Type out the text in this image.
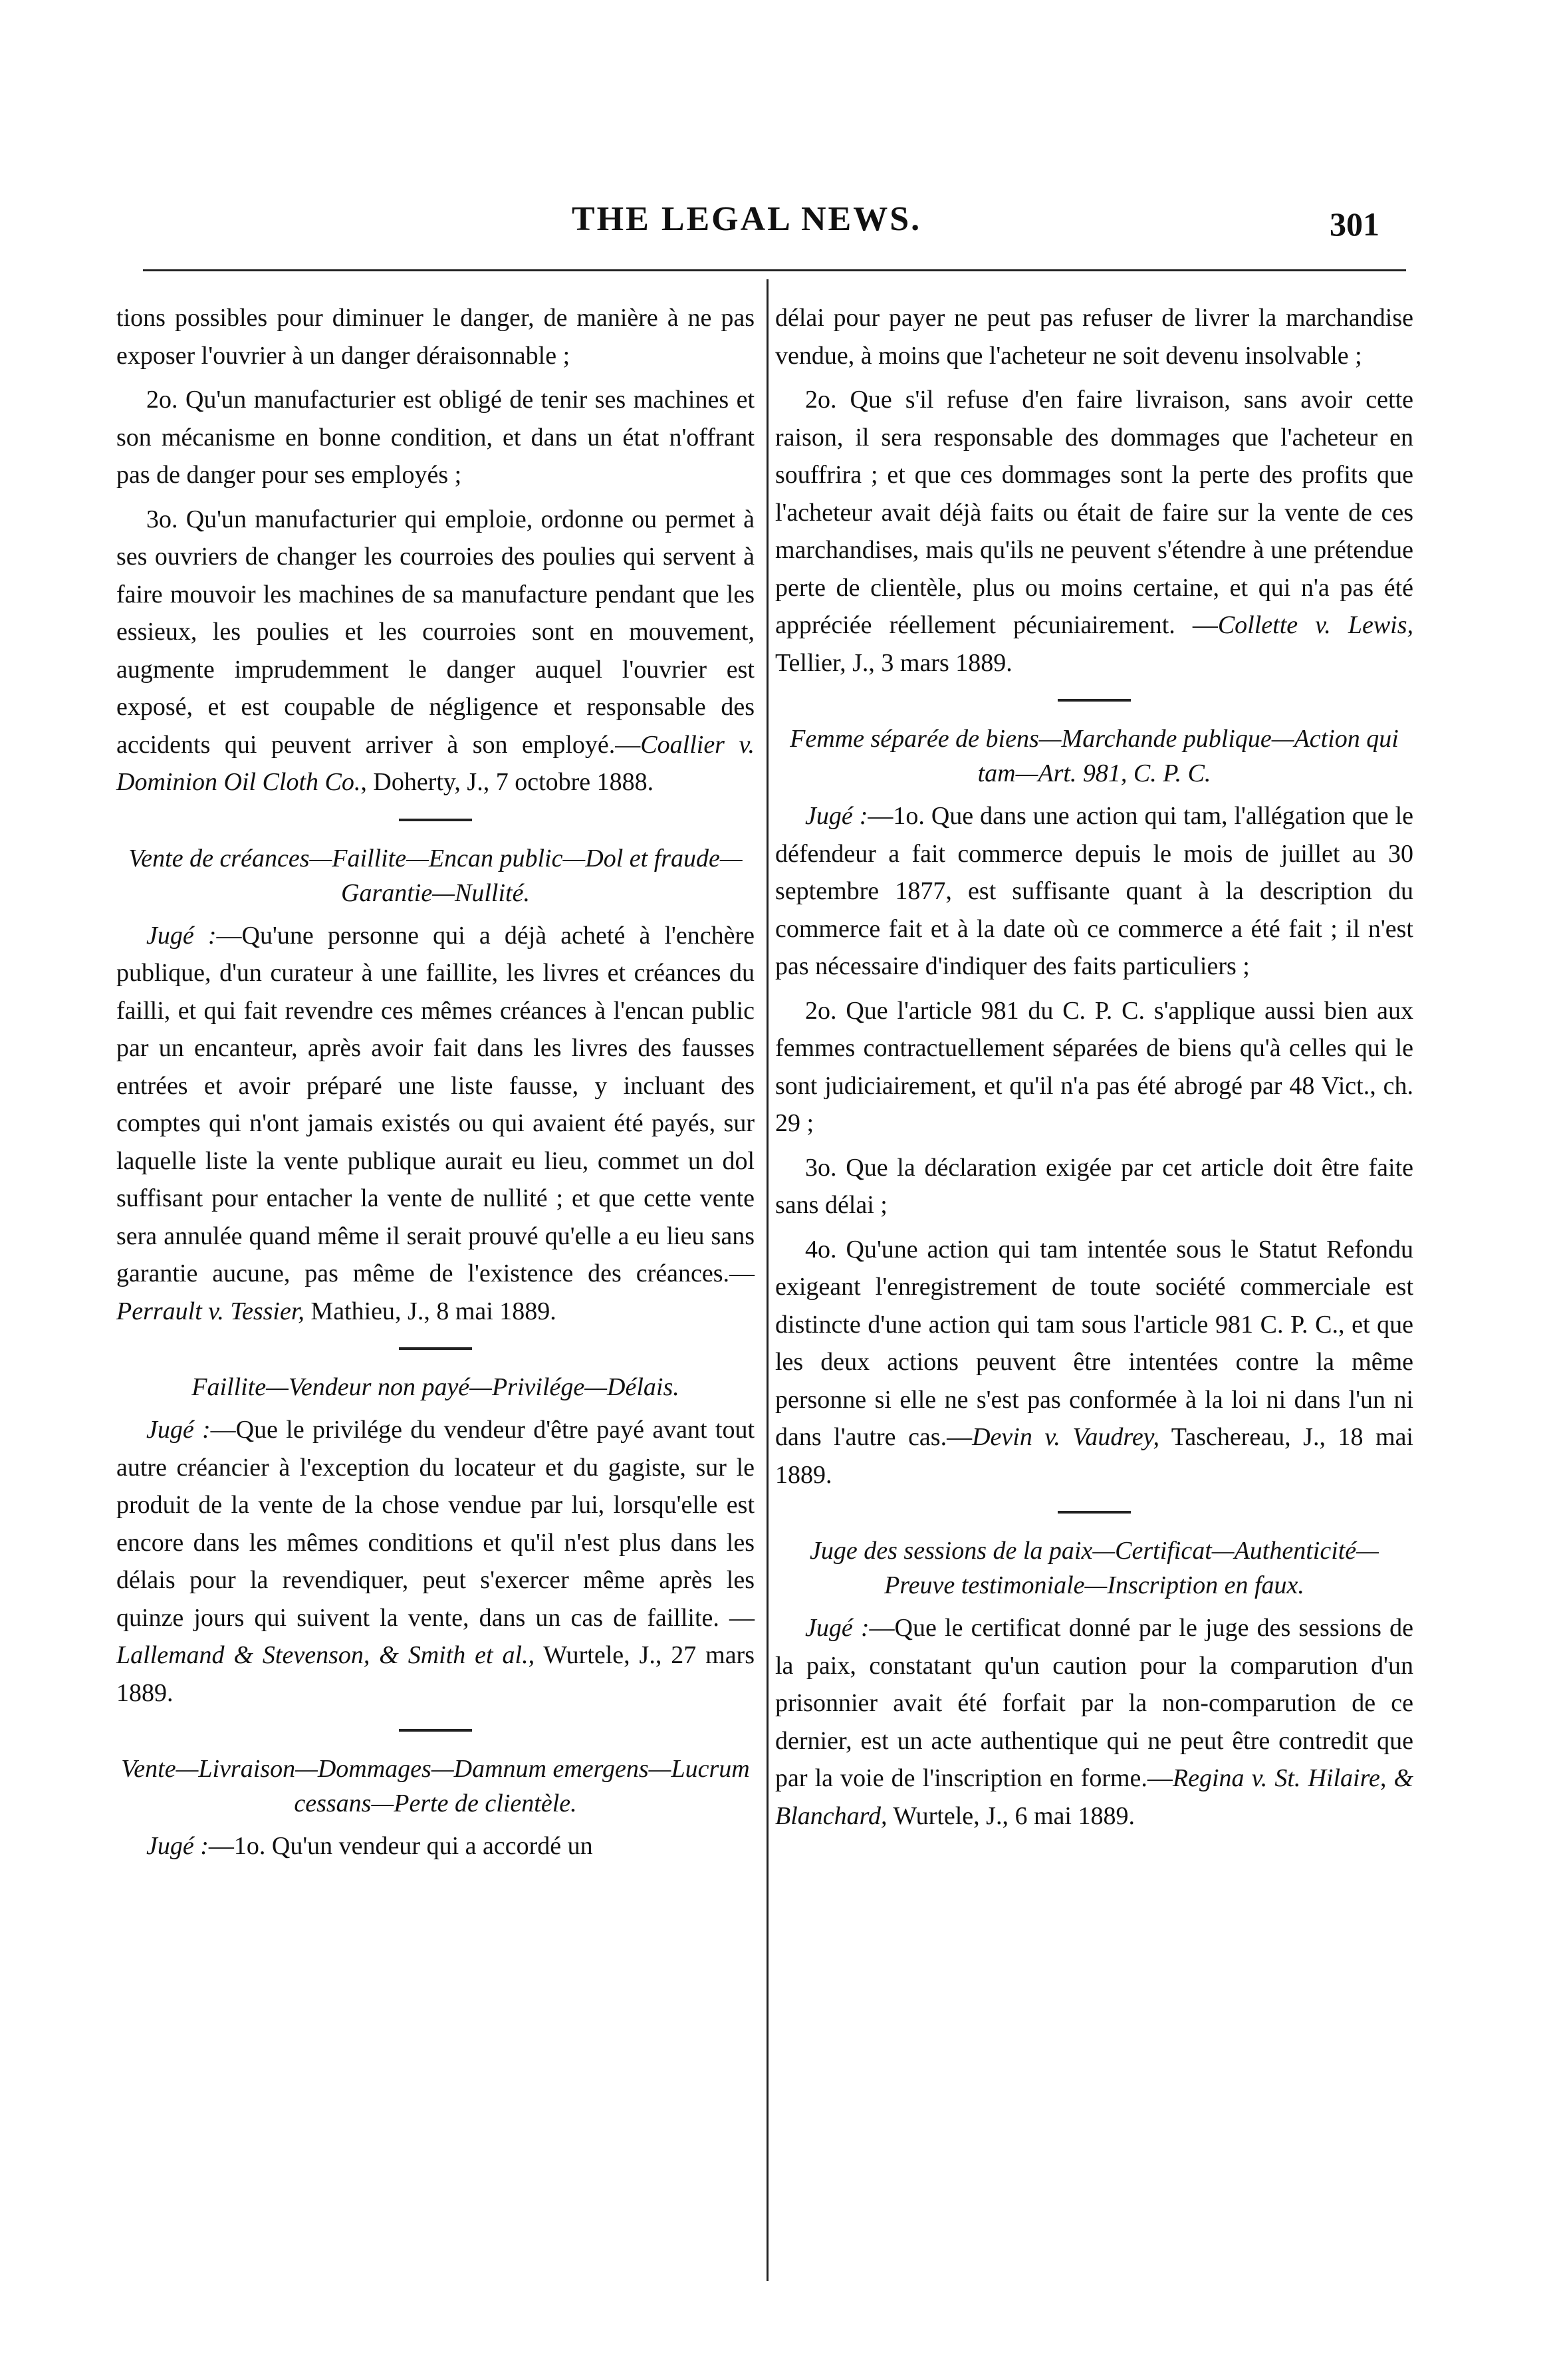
THE LEGAL NEWS.	301

tions possibles pour diminuer le danger, de manière à ne pas exposer l'ouvrier à un danger déraisonnable ;

2o. Qu'un manufacturier est obligé de tenir ses machines et son mécanisme en bonne condition, et dans un état n'offrant pas de danger pour ses employés ;

3o. Qu'un manufacturier qui emploie, ordonne ou permet à ses ouvriers de changer les courroies des poulies qui servent à faire mouvoir les machines de sa manufacture pendant que les essieux, les poulies et les courroies sont en mouvement, augmente imprudemment le danger auquel l'ouvrier est exposé, et est coupable de négligence et responsable des accidents qui peuvent arriver à son employé.—Coallier v. Dominion Oil Cloth Co., Doherty, J., 7 octobre 1888.

Vente de créances—Faillite—Encan public—Dol et fraude—Garantie—Nullité.

Jugé :—Qu'une personne qui a déjà acheté à l'enchère publique, d'un curateur à une faillite, les livres et créances du failli, et qui fait revendre ces mêmes créances à l'encan public par un encanteur, après avoir fait dans les livres des fausses entrées et avoir préparé une liste fausse, y incluant des comptes qui n'ont jamais existés ou qui avaient été payés, sur laquelle liste la vente publique aurait eu lieu, commet un dol suffisant pour entacher la vente de nullité ; et que cette vente sera annulée quand même il serait prouvé qu'elle a eu lieu sans garantie aucune, pas même de l'existence des créances.—Perrault v. Tessier, Mathieu, J., 8 mai 1889.

Faillite—Vendeur non payé—Privilége—Délais.

Jugé :—Que le privilége du vendeur d'être payé avant tout autre créancier à l'exception du locateur et du gagiste, sur le produit de la vente de la chose vendue par lui, lorsqu'elle est encore dans les mêmes conditions et qu'il n'est plus dans les délais pour la revendiquer, peut s'exercer même après les quinze jours qui suivent la vente, dans un cas de faillite. —Lallemand & Stevenson, & Smith et al., Wurtele, J., 27 mars 1889.

Vente—Livraison—Dommages—Damnum emergens—Lucrum cessans—Perte de clientèle.

Jugé :—1o. Qu'un vendeur qui a accordé un

délai pour payer ne peut pas refuser de livrer la marchandise vendue, à moins que l'acheteur ne soit devenu insolvable ;

2o. Que s'il refuse d'en faire livraison, sans avoir cette raison, il sera responsable des dommages que l'acheteur en souffrira ; et que ces dommages sont la perte des profits que l'acheteur avait déjà faits ou était de faire sur la vente de ces marchandises, mais qu'ils ne peuvent s'étendre à une prétendue perte de clientèle, plus ou moins certaine, et qui n'a pas été appréciée réellement pécuniairement. —Collette v. Lewis, Tellier, J., 3 mars 1889.

Femme séparée de biens—Marchande publique—Action qui tam—Art. 981, C. P. C.

Jugé :—1o. Que dans une action qui tam, l'allégation que le défendeur a fait commerce depuis le mois de juillet au 30 septembre 1877, est suffisante quant à la description du commerce fait et à la date où ce commerce a été fait ; il n'est pas nécessaire d'indiquer des faits particuliers ;

2o. Que l'article 981 du C. P. C. s'applique aussi bien aux femmes contractuellement séparées de biens qu'à celles qui le sont judiciairement, et qu'il n'a pas été abrogé par 48 Vict., ch. 29 ;

3o. Que la déclaration exigée par cet article doit être faite sans délai ;

4o. Qu'une action qui tam intentée sous le Statut Refondu exigeant l'enregistrement de toute société commerciale est distincte d'une action qui tam sous l'article 981 C. P. C., et que les deux actions peuvent être intentées contre la même personne si elle ne s'est pas conformée à la loi ni dans l'un ni dans l'autre cas.—Devin v. Vaudrey, Taschereau, J., 18 mai 1889.

Juge des sessions de la paix—Certificat—Authenticité—Preuve testimoniale—Inscription en faux.

Jugé :—Que le certificat donné par le juge des sessions de la paix, constatant qu'un caution pour la comparution d'un prisonnier avait été forfait par la non-comparution de ce dernier, est un acte authentique qui ne peut être contredit que par la voie de l'inscription en forme.—Regina v. St. Hilaire, & Blanchard, Wurtele, J., 6 mai 1889.
